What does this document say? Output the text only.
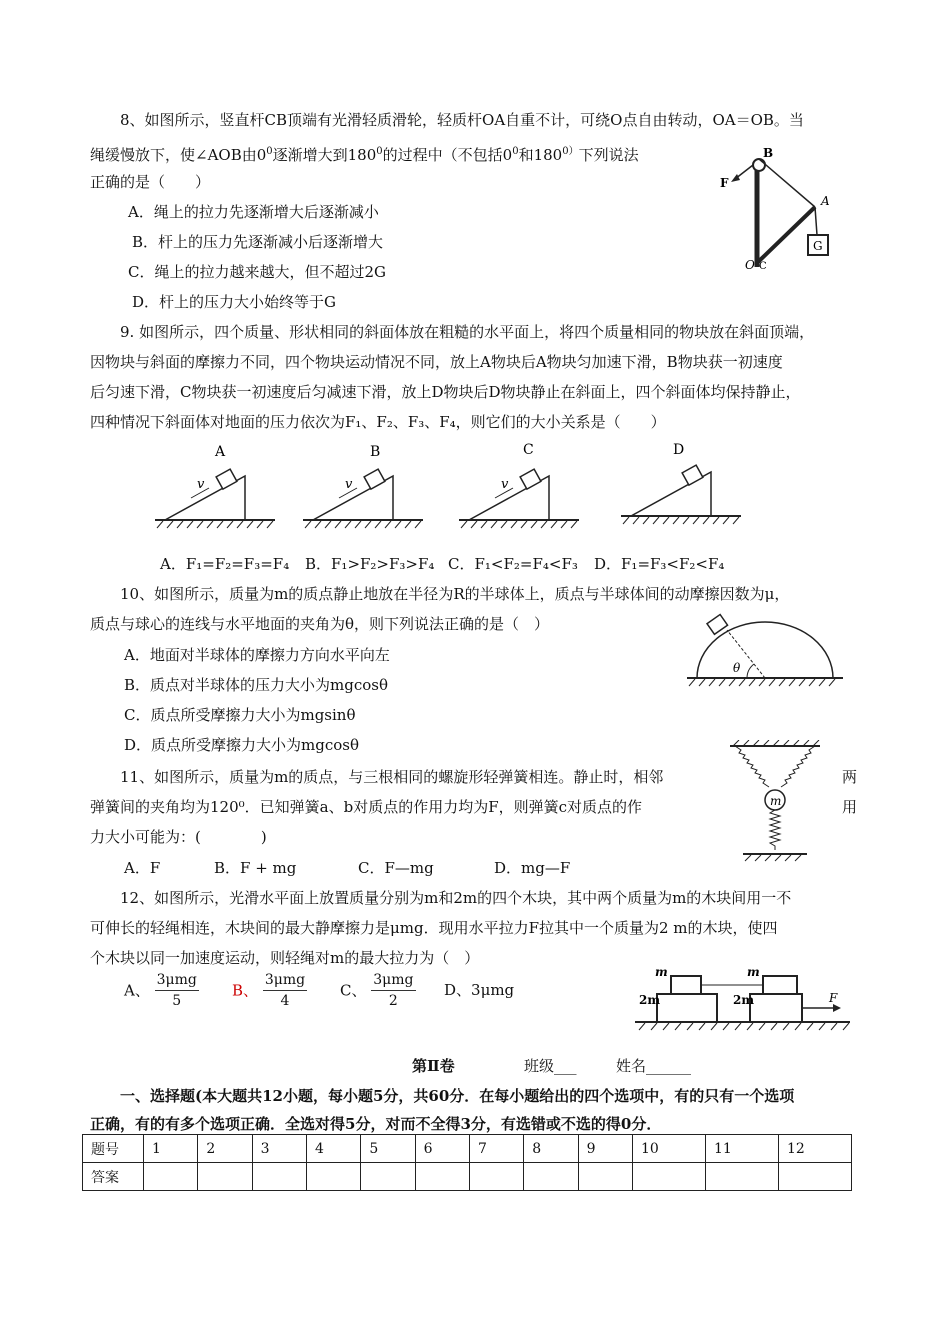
8、如图所示，竖直杆CB顶端有光滑轻质滑轮，轻质杆OA自重不计，可绕O点自由转动，OA＝OB。当
绳缓慢放下，使∠AOB由$0^0$逐渐增大到$180^0$的过程中（不包括$0^0$和$180^{0)}$下列说法
正确的是（　　）
A．绳上的拉力先逐渐增大后逐渐减小
B．杆上的压力先逐渐减小后逐渐增大
C．绳上的拉力越来越大，但不超过2G
D．杆上的压力大小始终等于G
B
F
A
O C
G
9. 如图所示，四个质量、形状相同的斜面体放在粗糙的水平面上，将四个质量相同的物块放在斜面顶端，
因物块与斜面的摩擦力不同，四个物块运动情况不同，放上A物块后A物块匀加速下滑，B物块获一初速度
后匀速下滑，C物块获一初速度后匀减速下滑，放上D物块后D物块静止在斜面上，四个斜面体均保持静止，
四种情况下斜面体对地面的压力依次为F₁、F₂、F₃、F₄，则它们的大小关系是（　　）
A
v
B
v
C
v
D
A．F₁=F₂=F₃=F₄ B．F₁>F₂>F₃>F₄ C．F₁<F₂=F₄<F₃ D．F₁=F₃<F₂<F₄
10、如图所示，质量为m的质点静止地放在半径为R的半球体上，质点与半球体间的动摩擦因数为μ，
质点与球心的连线与水平地面的夹角为θ，则下列说法正确的是（　）
A．地面对半球体的摩擦力方向水平向左
B．质点对半球体的压力大小为mgcosθ
C．质点所受摩擦力大小为mgsinθ
D．质点所受摩擦力大小为mgcosθ
θ
11、如图所示，质量为m的质点，与三根相同的螺旋形轻弹簧相连。静止时，相邻	两
弹簧间的夹角均为120⁰．已知弹簧a、b对质点的作用力均为F，则弹簧c对质点的作	用
力大小可能为：(　　　　)
A．F	B．F + mg	C．F—mg	D．mg—F
m
12、如图所示，光滑水平面上放置质量分别为m和2m的四个木块，其中两个质量为m的木块间用一不
可伸长的轻绳相连，木块间的最大静摩擦力是μmg．现用水平拉力F拉其中一个质量为2 m的木块，使四
个木块以同一加速度运动，则轻绳对m的最大拉力为（　）
A、 $\frac{\text{3μmg}}{5}$ B、 $\frac{\text{3μmg}}{4}$ C、 $\frac{\text{3μmg}}{2}$ D、3μmg
m	m
2m	2m	F
第Ⅱ卷	班级___	姓名______
一、选择题(本大题共12小题，每小题5分，共60分．在每小题给出的四个选项中，有的只有一个选项
正确，有的有多个选项正确．全选对得5分，对而不全得3分，有选错或不选的得0分．
题号	1	2	3	4	5	6	7	8	9	10	11	12
答案												
